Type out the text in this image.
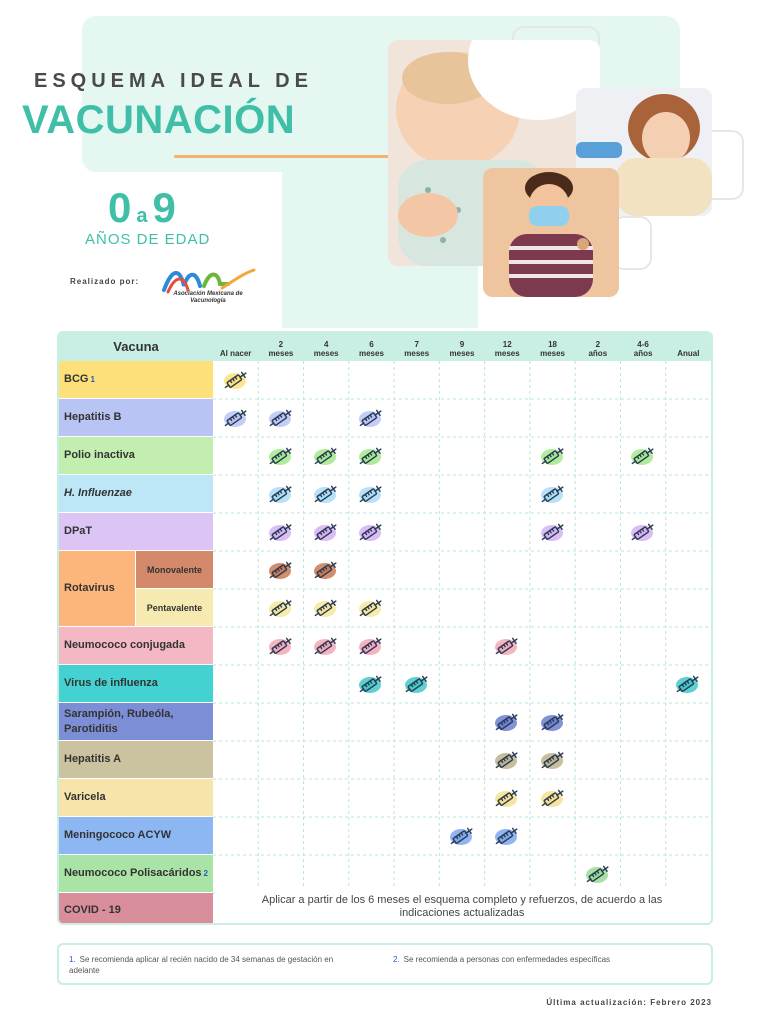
ESQUEMA IDEAL DE
VACUNACIÓN
0 a 9
AÑOS DE EDAD
Realizado por:
Asociación Mexicana de Vacunología
Vacuna	Al nacer
2
meses
4
meses
6
meses
7
meses
9
meses
12
meses
18
meses
2
años
4-6
años	Anual
BCG 1
Hepatitis B
Polio inactiva
H. Influenzae
DPaT
Monovalente
Rotavirus
Pentavalente
Neumococo conjugada
Virus de influenza
Sarampión, Rubeóla, Parotiditis
Hepatitis A
Varicela
Meningococo ACYW
Neumococo Polisacáridos 2
COVID - 19
Aplicar a partir de los 6 meses el esquema completo y refuerzos, de acuerdo a las indicaciones actualizadas
1. Se recomienda aplicar al recién nacido de 34 semanas de gestación en adelante
2. Se recomienda a personas con enfermedades específicas
Última actualización: Febrero 2023
